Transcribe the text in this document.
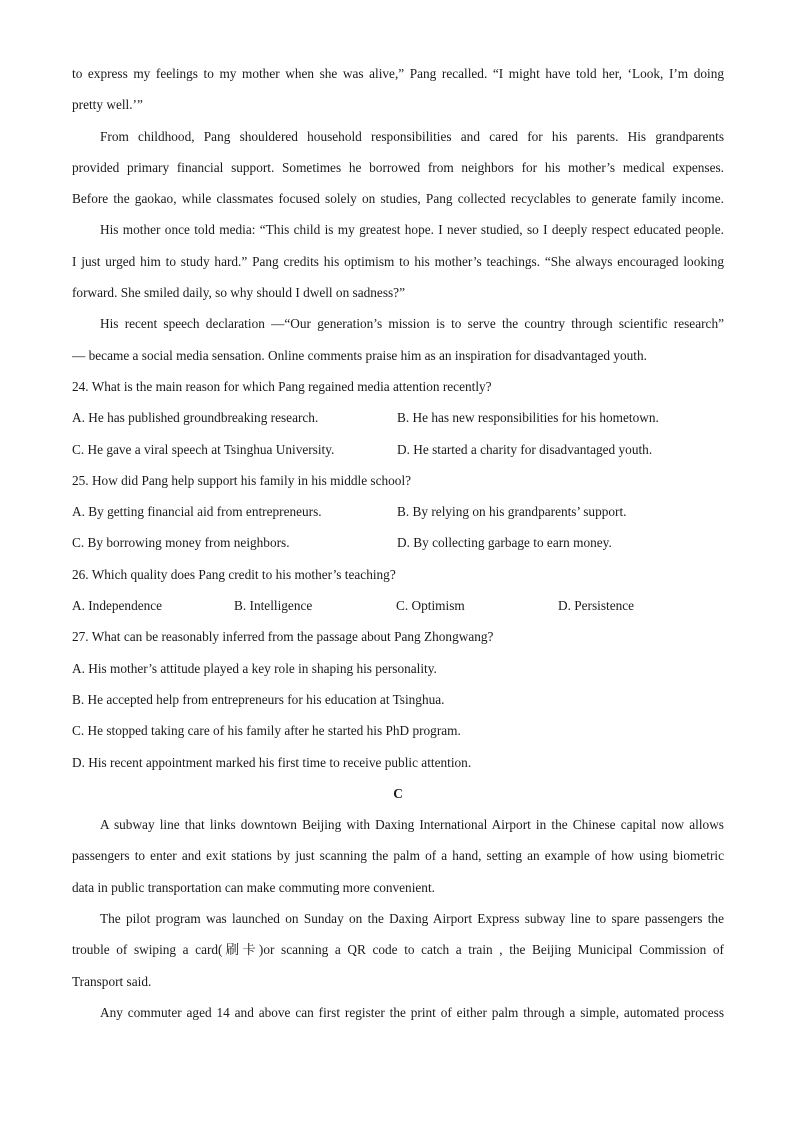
to express my feelings to my mother when she was alive,” Pang recalled. “I might have told her, ‘Look, I’m doing

pretty well.’”

From childhood, Pang shouldered household responsibilities and cared for his parents. His grandparents

provided primary financial support. Sometimes he borrowed from neighbors for his mother’s medical expenses.

Before the gaokao, while classmates focused solely on studies, Pang collected recyclables to generate family income.

His mother once told media: “This child is my greatest hope. I never studied, so I deeply respect educated people.

I just urged him to study hard.” Pang credits his optimism to his mother’s teachings. “She always encouraged looking

forward. She smiled daily, so why should I dwell on sadness?”

His recent speech declaration —“Our generation’s mission is to serve the country through scientific research”

— became a social media sensation. Online comments praise him as an inspiration for disadvantaged youth.

24. What is the main reason for which Pang regained media attention recently?

A. He has published groundbreaking research.	B. He has new responsibilities for his hometown.

C. He gave a viral speech at Tsinghua University.	D. He started a charity for disadvantaged youth.

25. How did Pang help support his family in his middle school?

A. By getting financial aid from entrepreneurs.	B. By relying on his grandparents’ support.

C. By borrowing money from neighbors.	D. By collecting garbage to earn money.

26. Which quality does Pang credit to his mother’s teaching?

A. Independence	B. Intelligence	C. Optimism	D. Persistence

27. What can be reasonably inferred from the passage about Pang Zhongwang?

A. His mother’s attitude played a key role in shaping his personality.

B. He accepted help from entrepreneurs for his education at Tsinghua.

C. He stopped taking care of his family after he started his PhD program.

D. His recent appointment marked his first time to receive public attention.

C

A subway line that links downtown Beijing with Daxing International Airport in the Chinese capital now allows

passengers to enter and exit stations by just scanning the palm of a hand, setting an example of how using biometric

data in public transportation can make commuting more convenient.

The pilot program was launched on Sunday on the Daxing Airport Express subway line to spare passengers the

trouble of swiping a card(刷卡)or scanning a QR code to catch a train , the Beijing Municipal Commission of

Transport said.

Any commuter aged 14 and above can first register the print of either palm through a simple, automated process
